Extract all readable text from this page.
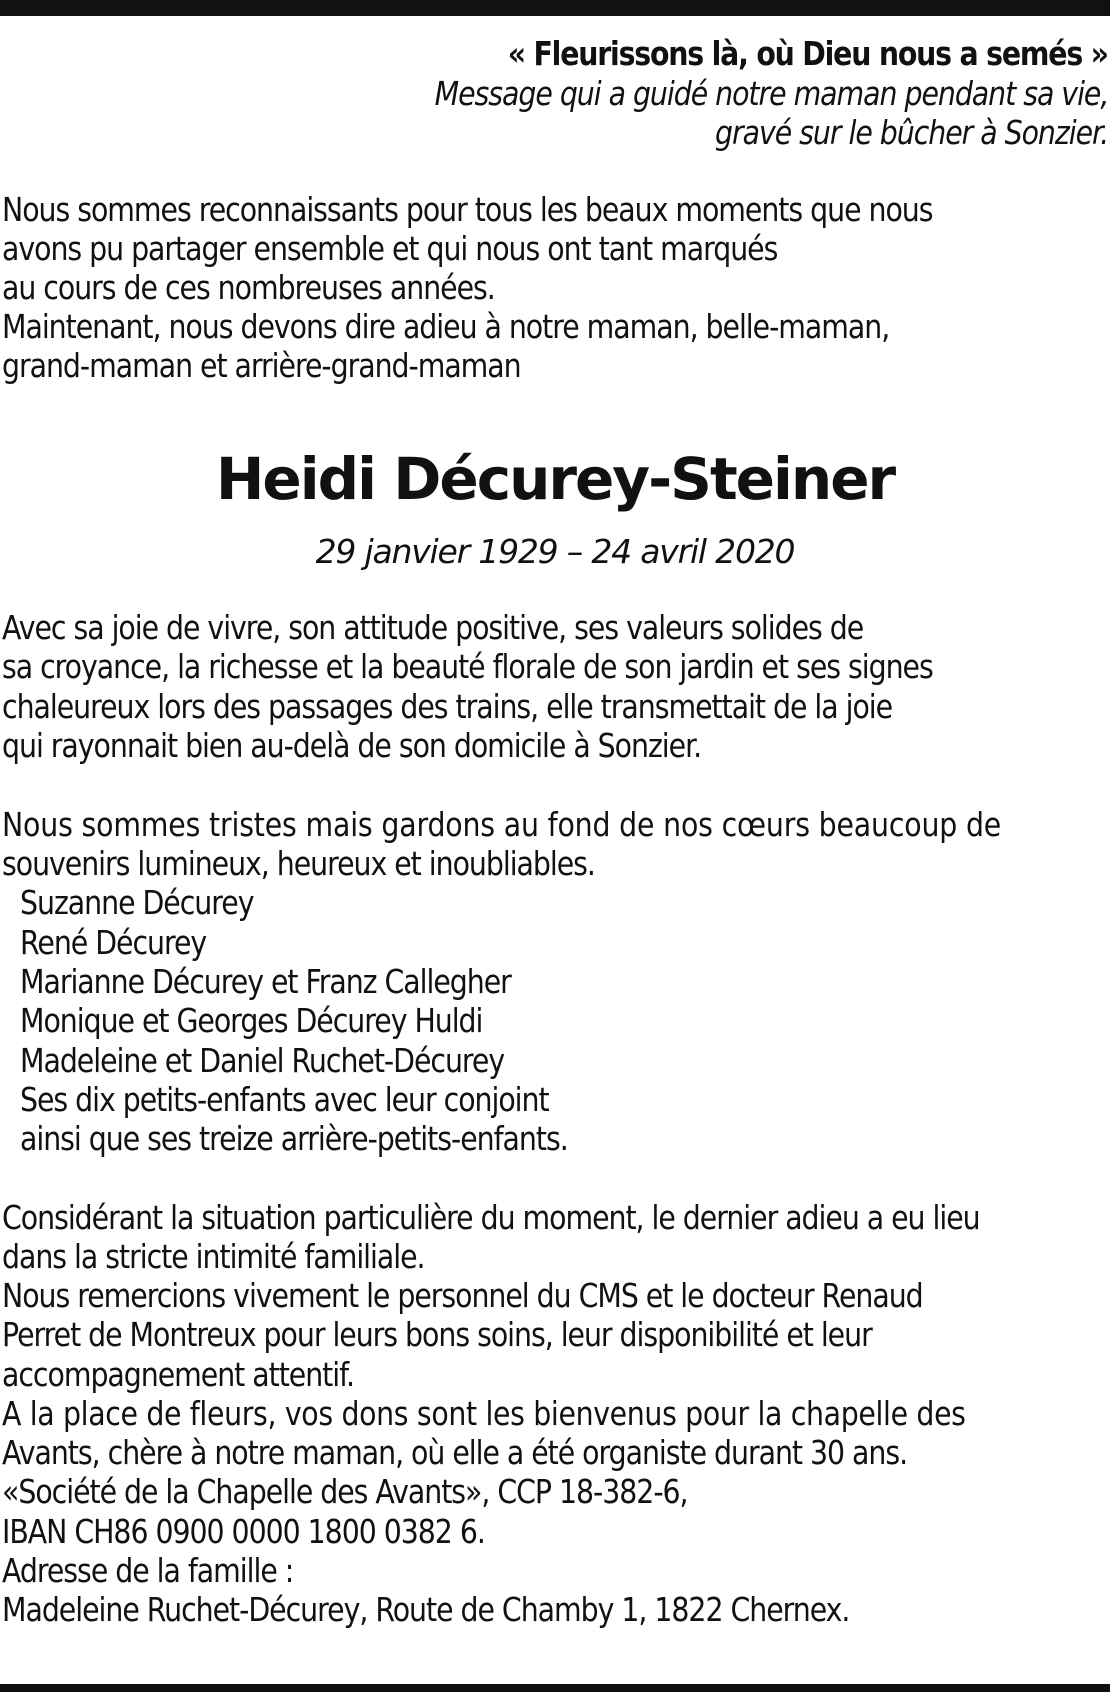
« Fleurissons là, où Dieu nous a semés »
Message qui a guidé notre maman pendant sa vie,
gravé sur le bûcher à Sonzier.
Nous sommes reconnaissants pour tous les beaux moments que nous
avons pu partager ensemble et qui nous ont tant marqués
au cours de ces nombreuses années.
Maintenant, nous devons dire adieu à notre maman, belle-maman,
grand-maman et arrière-grand-maman
Heidi Décurey-Steiner
29 janvier 1929 – 24 avril 2020
Avec sa joie de vivre, son attitude positive, ses valeurs solides de
sa croyance, la richesse et la beauté florale de son jardin et ses signes
chaleureux lors des passages des trains, elle transmettait de la joie
qui rayonnait bien au-delà de son domicile à Sonzier.
Nous sommes tristes mais gardons au fond de nos cœurs beaucoup de
souvenirs lumineux, heureux et inoubliables.
Suzanne Décurey
René Décurey
Marianne Décurey et Franz Callegher
Monique et Georges Décurey Huldi
Madeleine et Daniel Ruchet-Décurey
Ses dix petits-enfants avec leur conjoint
ainsi que ses treize arrière-petits-enfants.
Considérant la situation particulière du moment, le dernier adieu a eu lieu
dans la stricte intimité familiale.
Nous remercions vivement le personnel du CMS et le docteur Renaud
Perret de Montreux pour leurs bons soins, leur disponibilité et leur
accompagnement attentif.
A la place de fleurs, vos dons sont les bienvenus pour la chapelle des
Avants, chère à notre maman, où elle a été organiste durant 30 ans.
«Société de la Chapelle des Avants», CCP 18-382-6,
IBAN CH86 0900 0000 1800 0382 6.
Adresse de la famille :
Madeleine Ruchet-Décurey, Route de Chamby 1, 1822 Chernex.
